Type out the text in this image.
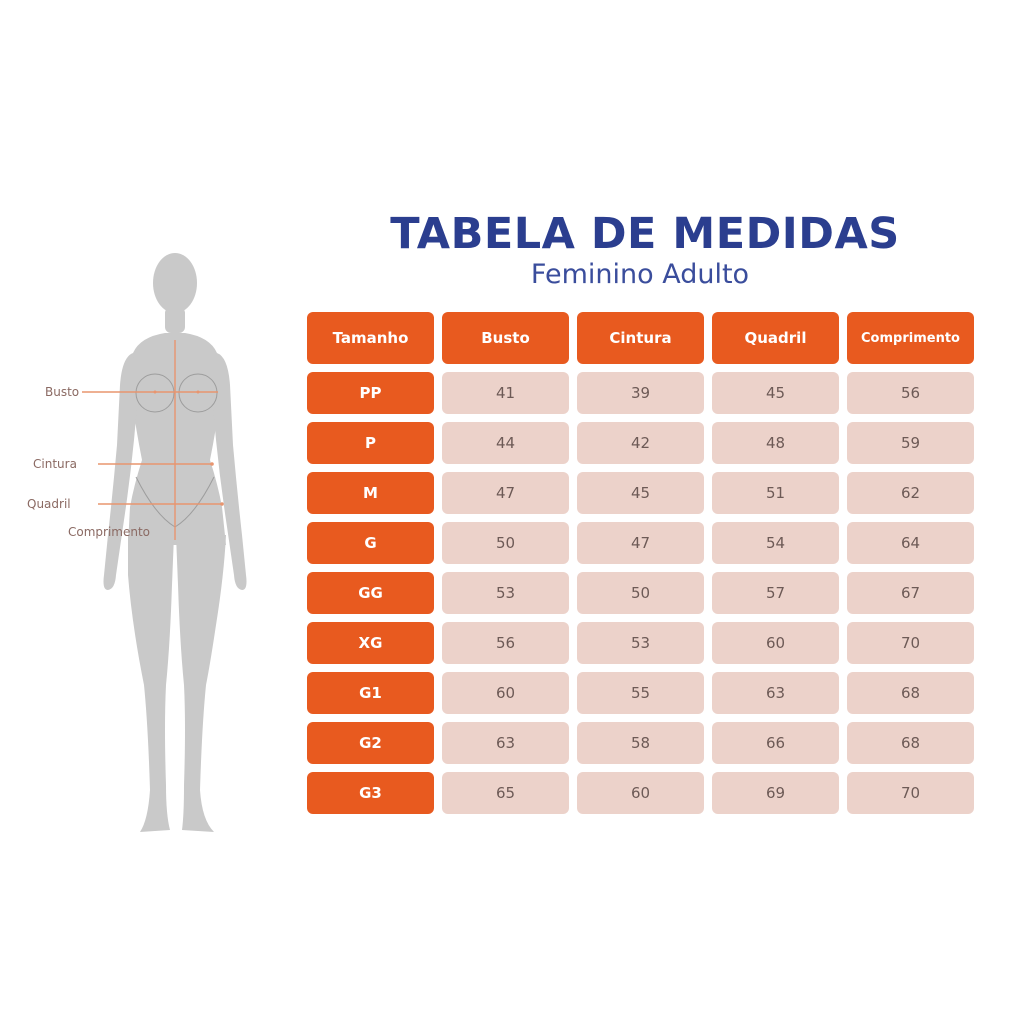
TABELA DE MEDIDAS
Feminino Adulto
Busto
Cintura
Quadril
Comprimento
Tamanho	Busto	Cintura	Quadril	Comprimento
PP	41	39	45	56
P	44	42	48	59
M	47	45	51	62
G	50	47	54	64
GG	53	50	57	67
XG	56	53	60	70
G1	60	55	63	68
G2	63	58	66	68
G3	65	60	69	70
